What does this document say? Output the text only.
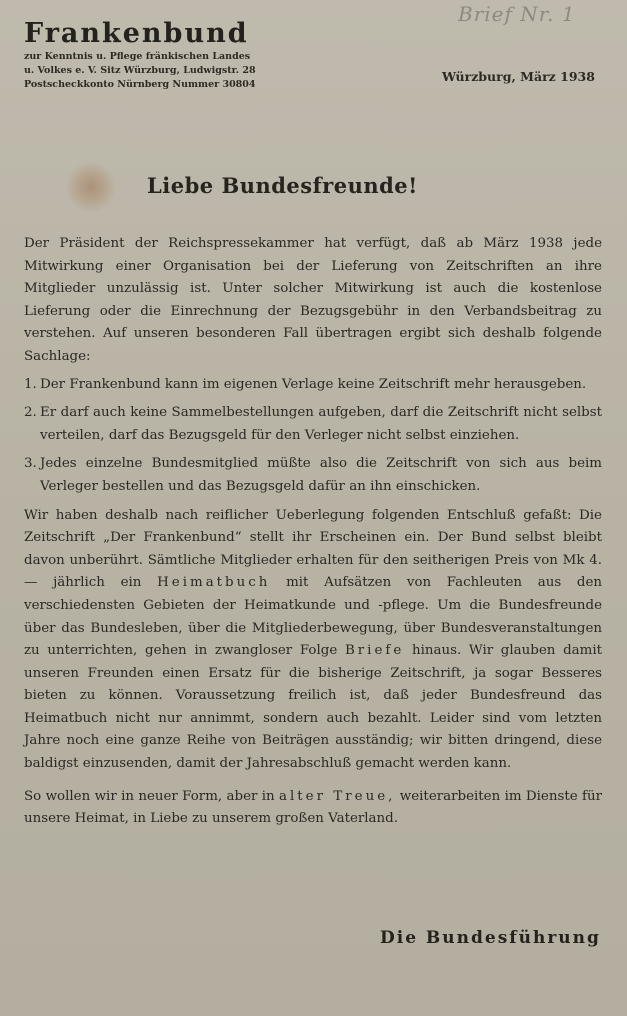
Frankenbund
zur Kenntnis u. Pflege fränkischen Landes
u. Volkes e. V. Sitz Würzburg, Ludwigstr. 28
Postscheckkonto Nürnberg Nummer 30804
Brief Nr. 1
Würzburg, März 1938
Liebe Bundesfreunde!

Der Präsident der Reichspressekammer hat verfügt, daß ab März 1938 jede Mitwirkung einer Organisation bei der Lieferung von Zeitschriften an ihre Mitglieder unzulässig ist. Unter solcher Mitwirkung ist auch die kostenlose Lieferung oder die Einrechnung der Bezugsgebühr in den Verbandsbeitrag zu verstehen. Auf unseren besonderen Fall übertragen ergibt sich deshalb folgende Sachlage:

1. Der Frankenbund kann im eigenen Verlage keine Zeitschrift mehr herausgeben.
2. Er darf auch keine Sammelbestellungen aufgeben, darf die Zeitschrift nicht selbst verteilen, darf das Bezugsgeld für den Verleger nicht selbst einziehen.
3. Jedes einzelne Bundesmitglied müßte also die Zeitschrift von sich aus beim Verleger bestellen und das Bezugsgeld dafür an ihn einschicken.

Wir haben deshalb nach reiflicher Ueberlegung folgenden Entschluß gefaßt: Die Zeitschrift „Der Frankenbund“ stellt ihr Erscheinen ein. Der Bund selbst bleibt davon unberührt. Sämtliche Mitglieder erhalten für den seitherigen Preis von Mk 4.— jährlich ein Heimatbuch mit Aufsätzen von Fachleuten aus den verschiedensten Gebieten der Heimatkunde und -pflege. Um die Bundesfreunde über das Bundesleben, über die Mitgliederbewegung, über Bundesveranstaltungen zu unterrichten, gehen in zwangloser Folge Briefe hinaus. Wir glauben damit unseren Freunden einen Ersatz für die bisherige Zeitschrift, ja sogar Besseres bieten zu können. Voraussetzung freilich ist, daß jeder Bundesfreund das Heimatbuch nicht nur annimmt, sondern auch bezahlt. Leider sind vom letzten Jahre noch eine ganze Reihe von Beiträgen ausständig; wir bitten dringend, diese baldigst einzusenden, damit der Jahresabschluß gemacht werden kann.

So wollen wir in neuer Form, aber in alter Treue, weiterarbeiten im Dienste für unsere Heimat, in Liebe zu unserem großen Vaterland.

Die Bundesführung
